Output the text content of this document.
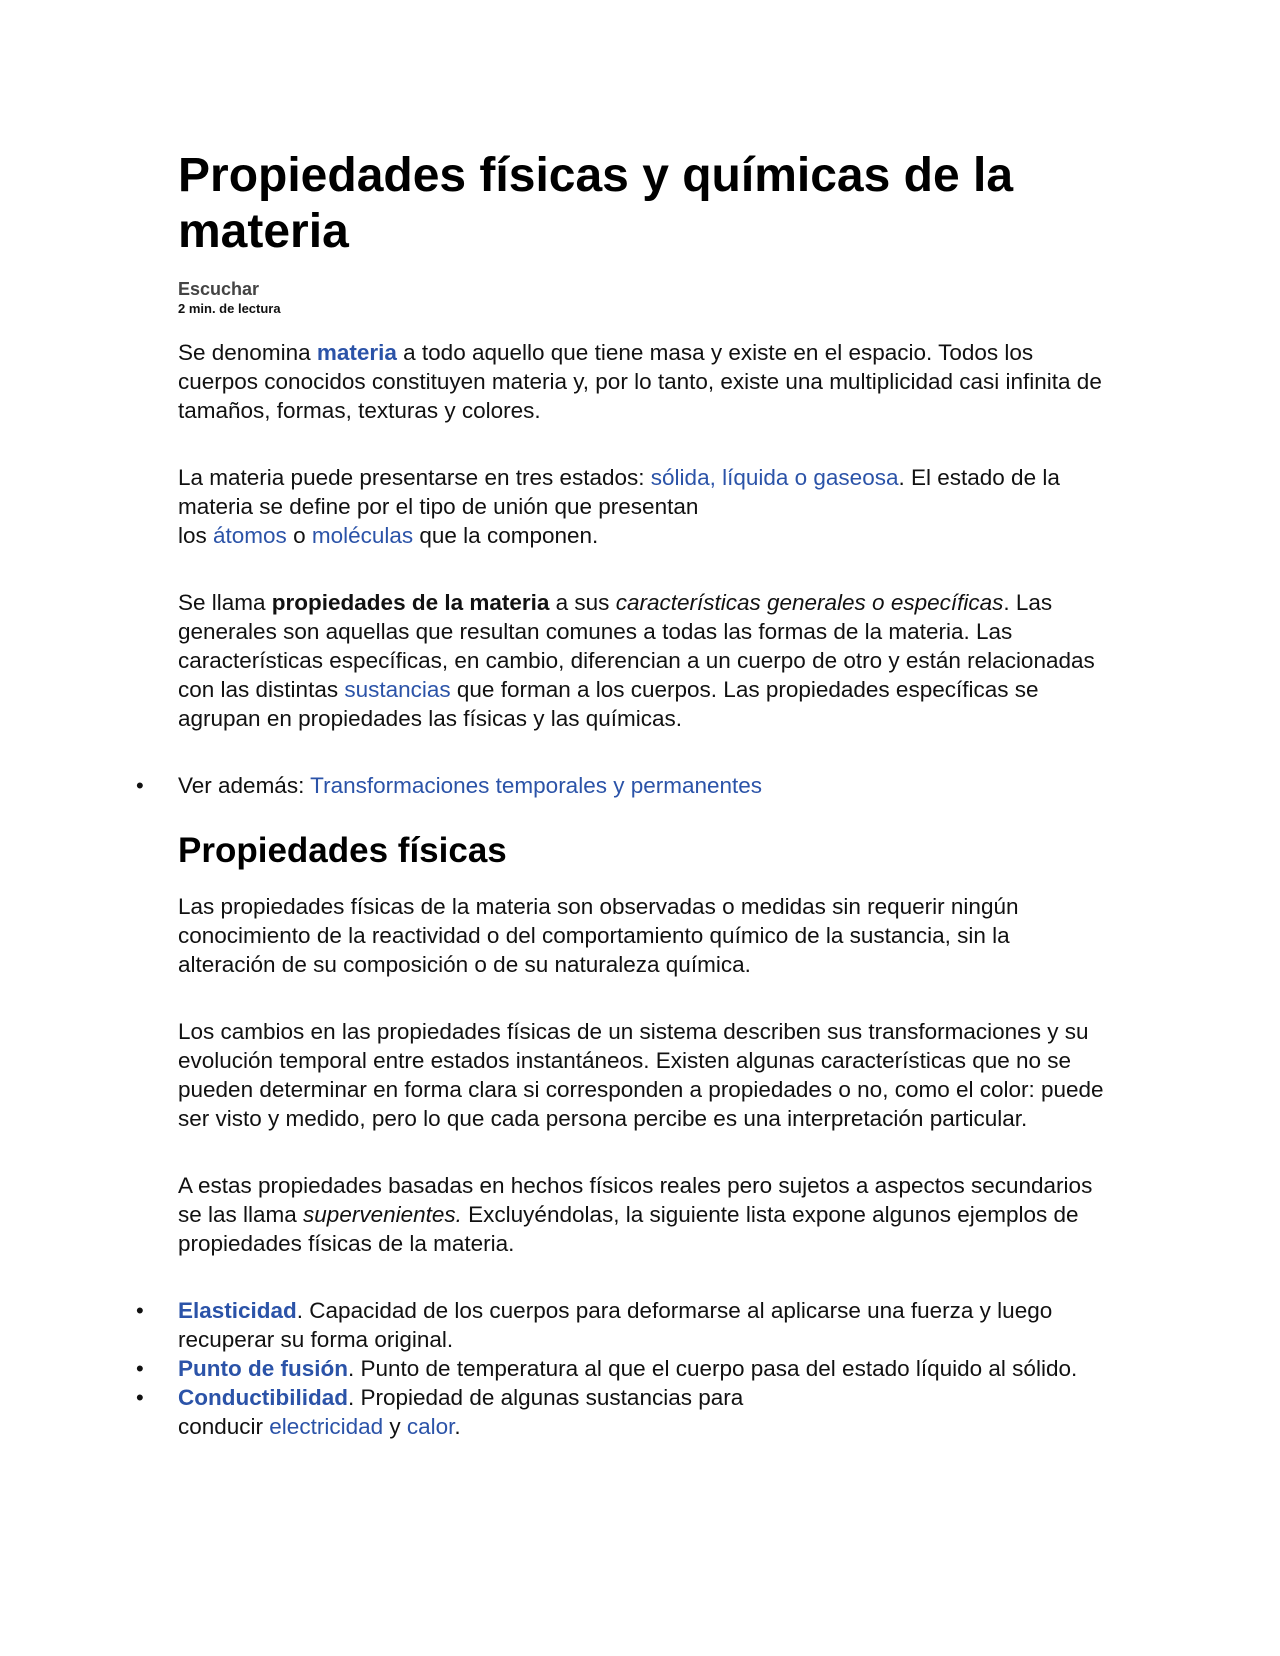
Propiedades físicas y químicas de la materia
Escuchar
2 min. de lectura

Se denomina materia a todo aquello que tiene masa y existe en el espacio. Todos los cuerpos conocidos constituyen materia y, por lo tanto, existe una multiplicidad casi infinita de tamaños, formas, texturas y colores.

La materia puede presentarse en tres estados: sólida, líquida o gaseosa. El estado de la materia se define por el tipo de unión que presentan
los átomos o moléculas que la componen.

Se llama propiedades de la materia a sus características generales o específicas. Las generales son aquellas que resultan comunes a todas las formas de la materia. Las características específicas, en cambio, diferencian a un cuerpo de otro y están relacionadas con las distintas sustancias que forman a los cuerpos. Las propiedades específicas se agrupan en propiedades las físicas y las químicas.

• Ver además: Transformaciones temporales y permanentes
Propiedades físicas

Las propiedades físicas de la materia son observadas o medidas sin requerir ningún conocimiento de la reactividad o del comportamiento químico de la sustancia, sin la alteración de su composición o de su naturaleza química.

Los cambios en las propiedades físicas de un sistema describen sus transformaciones y su evolución temporal entre estados instantáneos. Existen algunas características que no se pueden determinar en forma clara si corresponden a propiedades o no, como el color: puede ser visto y medido, pero lo que cada persona percibe es una interpretación particular.

A estas propiedades basadas en hechos físicos reales pero sujetos a aspectos secundarios se las llama supervenientes. Excluyéndolas, la siguiente lista expone algunos ejemplos de propiedades físicas de la materia.

• Elasticidad. Capacidad de los cuerpos para deformarse al aplicarse una fuerza y luego recuperar su forma original.
• Punto de fusión. Punto de temperatura al que el cuerpo pasa del estado líquido al sólido.
• Conductibilidad. Propiedad de algunas sustancias para
conducir electricidad y calor.
